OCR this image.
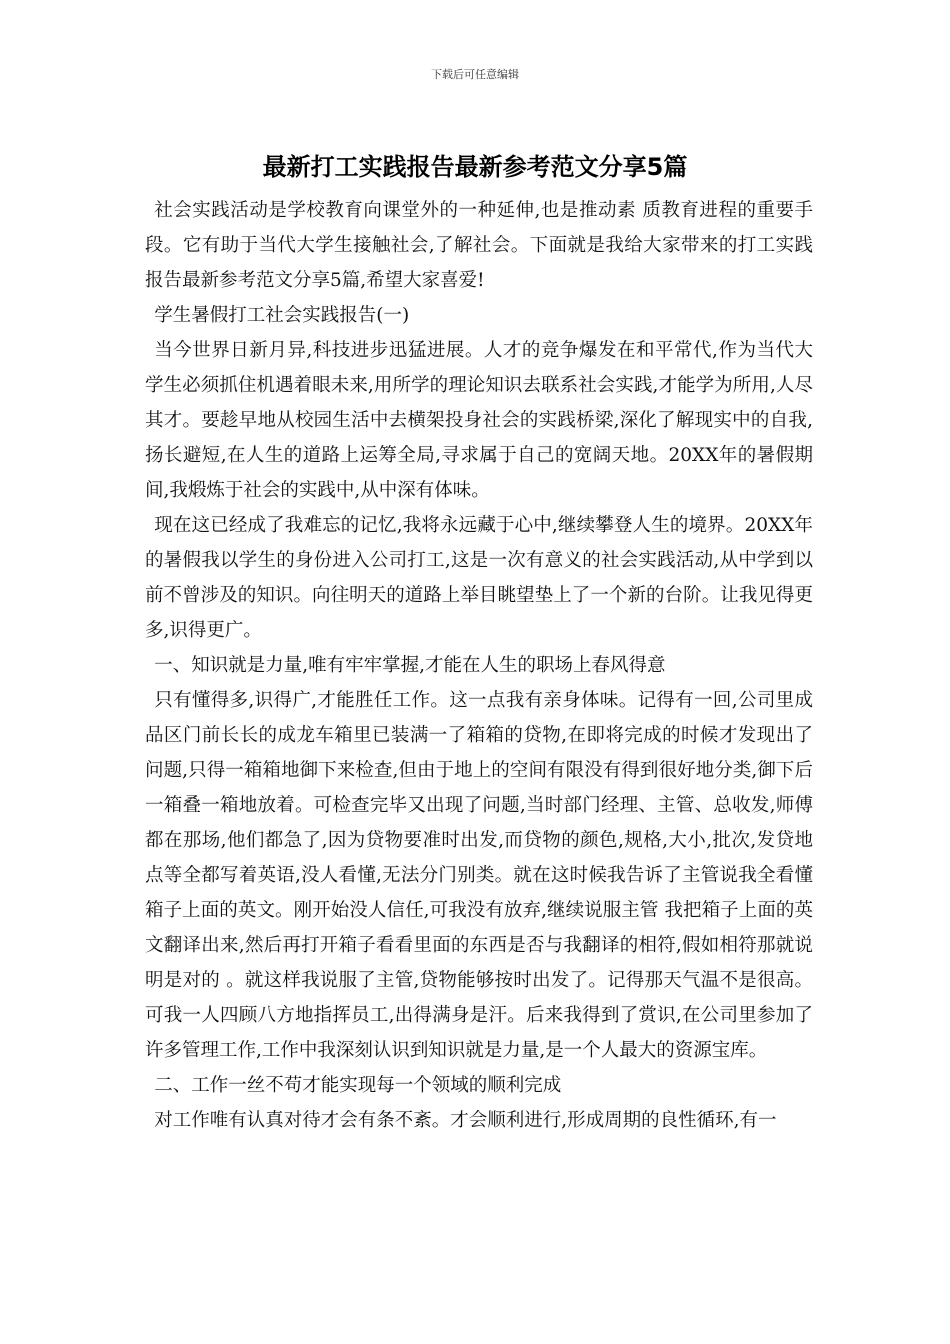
下载后可任意编辑
最新打工实践报告最新参考范文分享5篇

社会实践活动是学校教育向课堂外的一种延伸,也是推动素 质教育进程的重要手段。它有助于当代大学生接触社会,了解社会。下面就是我给大家带来的打工实践报告最新参考范文分享5篇,希望大家喜爱!

学生暑假打工社会实践报告(一)

当今世界日新月异,科技进步迅猛进展。人才的竞争爆发在和平常代,作为当代大学生必须抓住机遇着眼未来,用所学的理论知识去联系社会实践,才能学为所用,人尽其才。要趁早地从校园生活中去横架投身社会的实践桥梁,深化了解现实中的自我,扬长避短,在人生的道路上运筹全局,寻求属于自己的宽阔天地。20XX年的暑假期间,我煅炼于社会的实践中,从中深有体味。

现在这已经成了我难忘的记忆,我将永远藏于心中,继续攀登人生的境界。20XX年的暑假我以学生的身份进入公司打工,这是一次有意义的社会实践活动,从中学到以前不曾涉及的知识。向往明天的道路上举目眺望垫上了一个新的台阶。让我见得更多,识得更广。

一、知识就是力量,唯有牢牢掌握,才能在人生的职场上春风得意

只有懂得多,识得广,才能胜任工作。这一点我有亲身体味。记得有一回,公司里成品区门前长长的成龙车箱里已装满一了箱箱的贷物,在即将完成的时候才发现出了问题,只得一箱箱地御下来检查,但由于地上的空间有限没有得到很好地分类,御下后一箱叠一箱地放着。可检查完毕又出现了问题,当时部门经理、主管、总收发,师傅都在那场,他们都急了,因为贷物要准时出发,而贷物的颜色,规格,大小,批次,发贷地点等全都写着英语,没人看懂,无法分门别类。就在这时候我告诉了主管说我全看懂箱子上面的英文。刚开始没人信任,可我没有放弃,继续说服主管 我把箱子上面的英文翻译出来,然后再打开箱子看看里面的东西是否与我翻译的相符,假如相符那就说明是对的 。就这样我说服了主管,贷物能够按时出发了。记得那天气温不是很高。可我一人四顾八方地指挥员工,出得满身是汗。后来我得到了赏识,在公司里参加了许多管理工作,工作中我深刻认识到知识就是力量,是一个人最大的资源宝库。

二、工作一丝不苟才能实现每一个领域的顺利完成

对工作唯有认真对待才会有条不紊。才会顺利进行,形成周期的良性循环,有一
